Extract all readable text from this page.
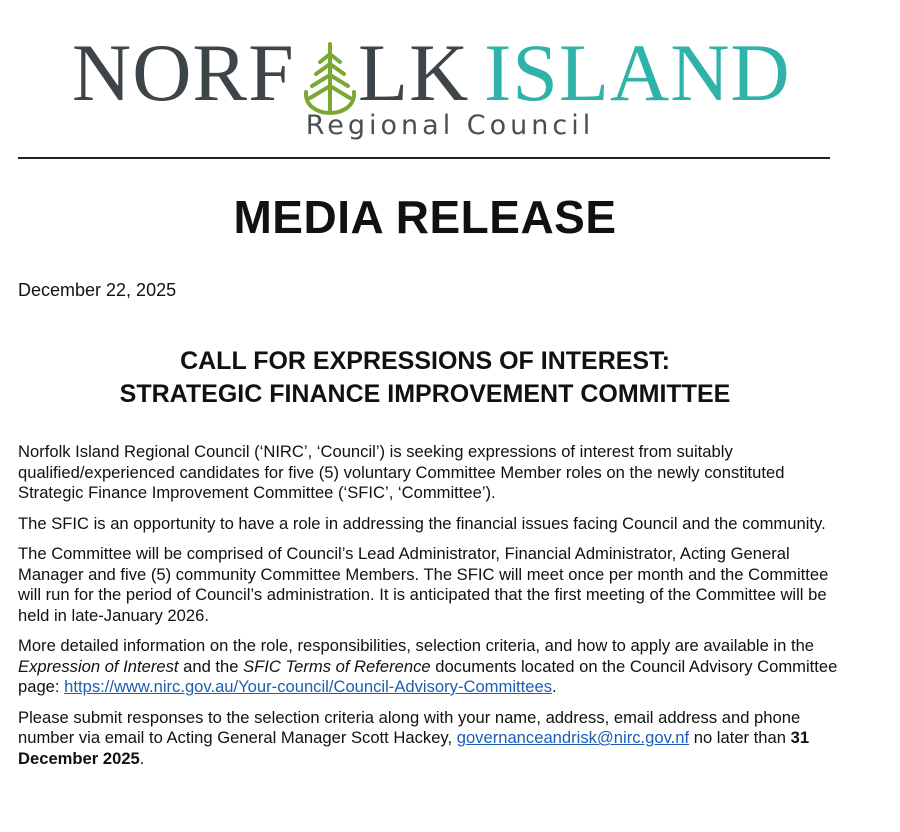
NORF LK ISLAND
Regional Council
MEDIA RELEASE
December 22, 2025
CALL FOR EXPRESSIONS OF INTEREST:
STRATEGIC FINANCE IMPROVEMENT COMMITTEE

Norfolk Island Regional Council (‘NIRC’, ‘Council’) is seeking expressions of interest from suitably qualified/experienced candidates for five (5) voluntary Committee Member roles on the newly constituted Strategic Finance Improvement Committee (‘SFIC’, ‘Committee’).

The SFIC is an opportunity to have a role in addressing the financial issues facing Council and the community.

The Committee will be comprised of Council’s Lead Administrator, Financial Administrator, Acting General Manager and five (5) community Committee Members. The SFIC will meet once per month and the Committee will run for the period of Council’s administration. It is anticipated that the first meeting of the Committee will be held in late-January 2026.

More detailed information on the role, responsibilities, selection criteria, and how to apply are available in the Expression of Interest and the SFIC Terms of Reference documents located on the Council Advisory Committee page: https://www.nirc.gov.au/Your-council/Council-Advisory-Committees.

Please submit responses to the selection criteria along with your name, address, email address and phone number via email to Acting General Manager Scott Hackey, governanceandrisk@nirc.gov.nf no later than 31 December 2025.
